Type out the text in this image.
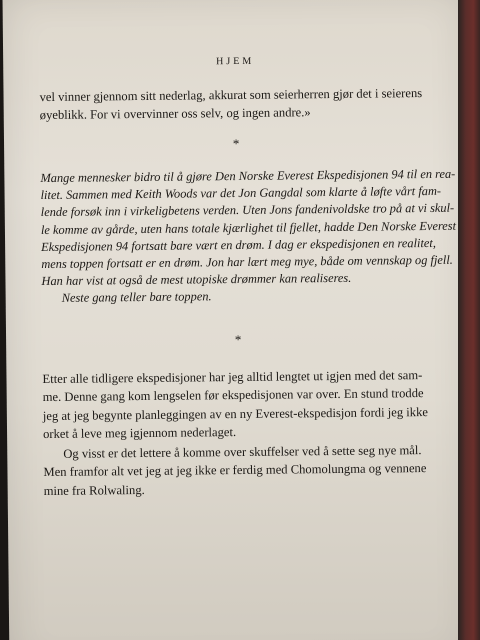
HJEM

vel vinner gjennom sitt nederlag, akkurat som seierherren gjør det i seierens

øyeblikk. For vi overvinner oss selv, og ingen andre.»

*

Mange mennesker bidro til å gjøre Den Norske Everest Ekspedisjonen 94 til en rea-

litet. Sammen med Keith Woods var det Jon Gangdal som klarte å løfte vårt fam-

lende forsøk inn i virkeligbetens verden. Uten Jons fandenivoldske tro på at vi skul-

le komme av gårde, uten hans totale kjærlighet til fjellet, hadde Den Norske Everest

Ekspedisjonen 94 fortsatt bare vært en drøm. I dag er ekspedisjonen en realitet,

mens toppen fortsatt er en drøm. Jon har lært meg mye, både om vennskap og fjell.

Han har vist at også de mest utopiske drømmer kan realiseres.

Neste gang teller bare toppen.

*

Etter alle tidligere ekspedisjoner har jeg alltid lengtet ut igjen med det sam-

me. Denne gang kom lengselen før ekspedisjonen var over. En stund trodde

jeg at jeg begynte planleggingen av en ny Everest-ekspedisjon fordi jeg ikke

orket å leve meg igjennom nederlaget.

Og visst er det lettere å komme over skuffelser ved å sette seg nye mål.

Men framfor alt vet jeg at jeg ikke er ferdig med Chomolungma og vennene

mine fra Rolwaling.
